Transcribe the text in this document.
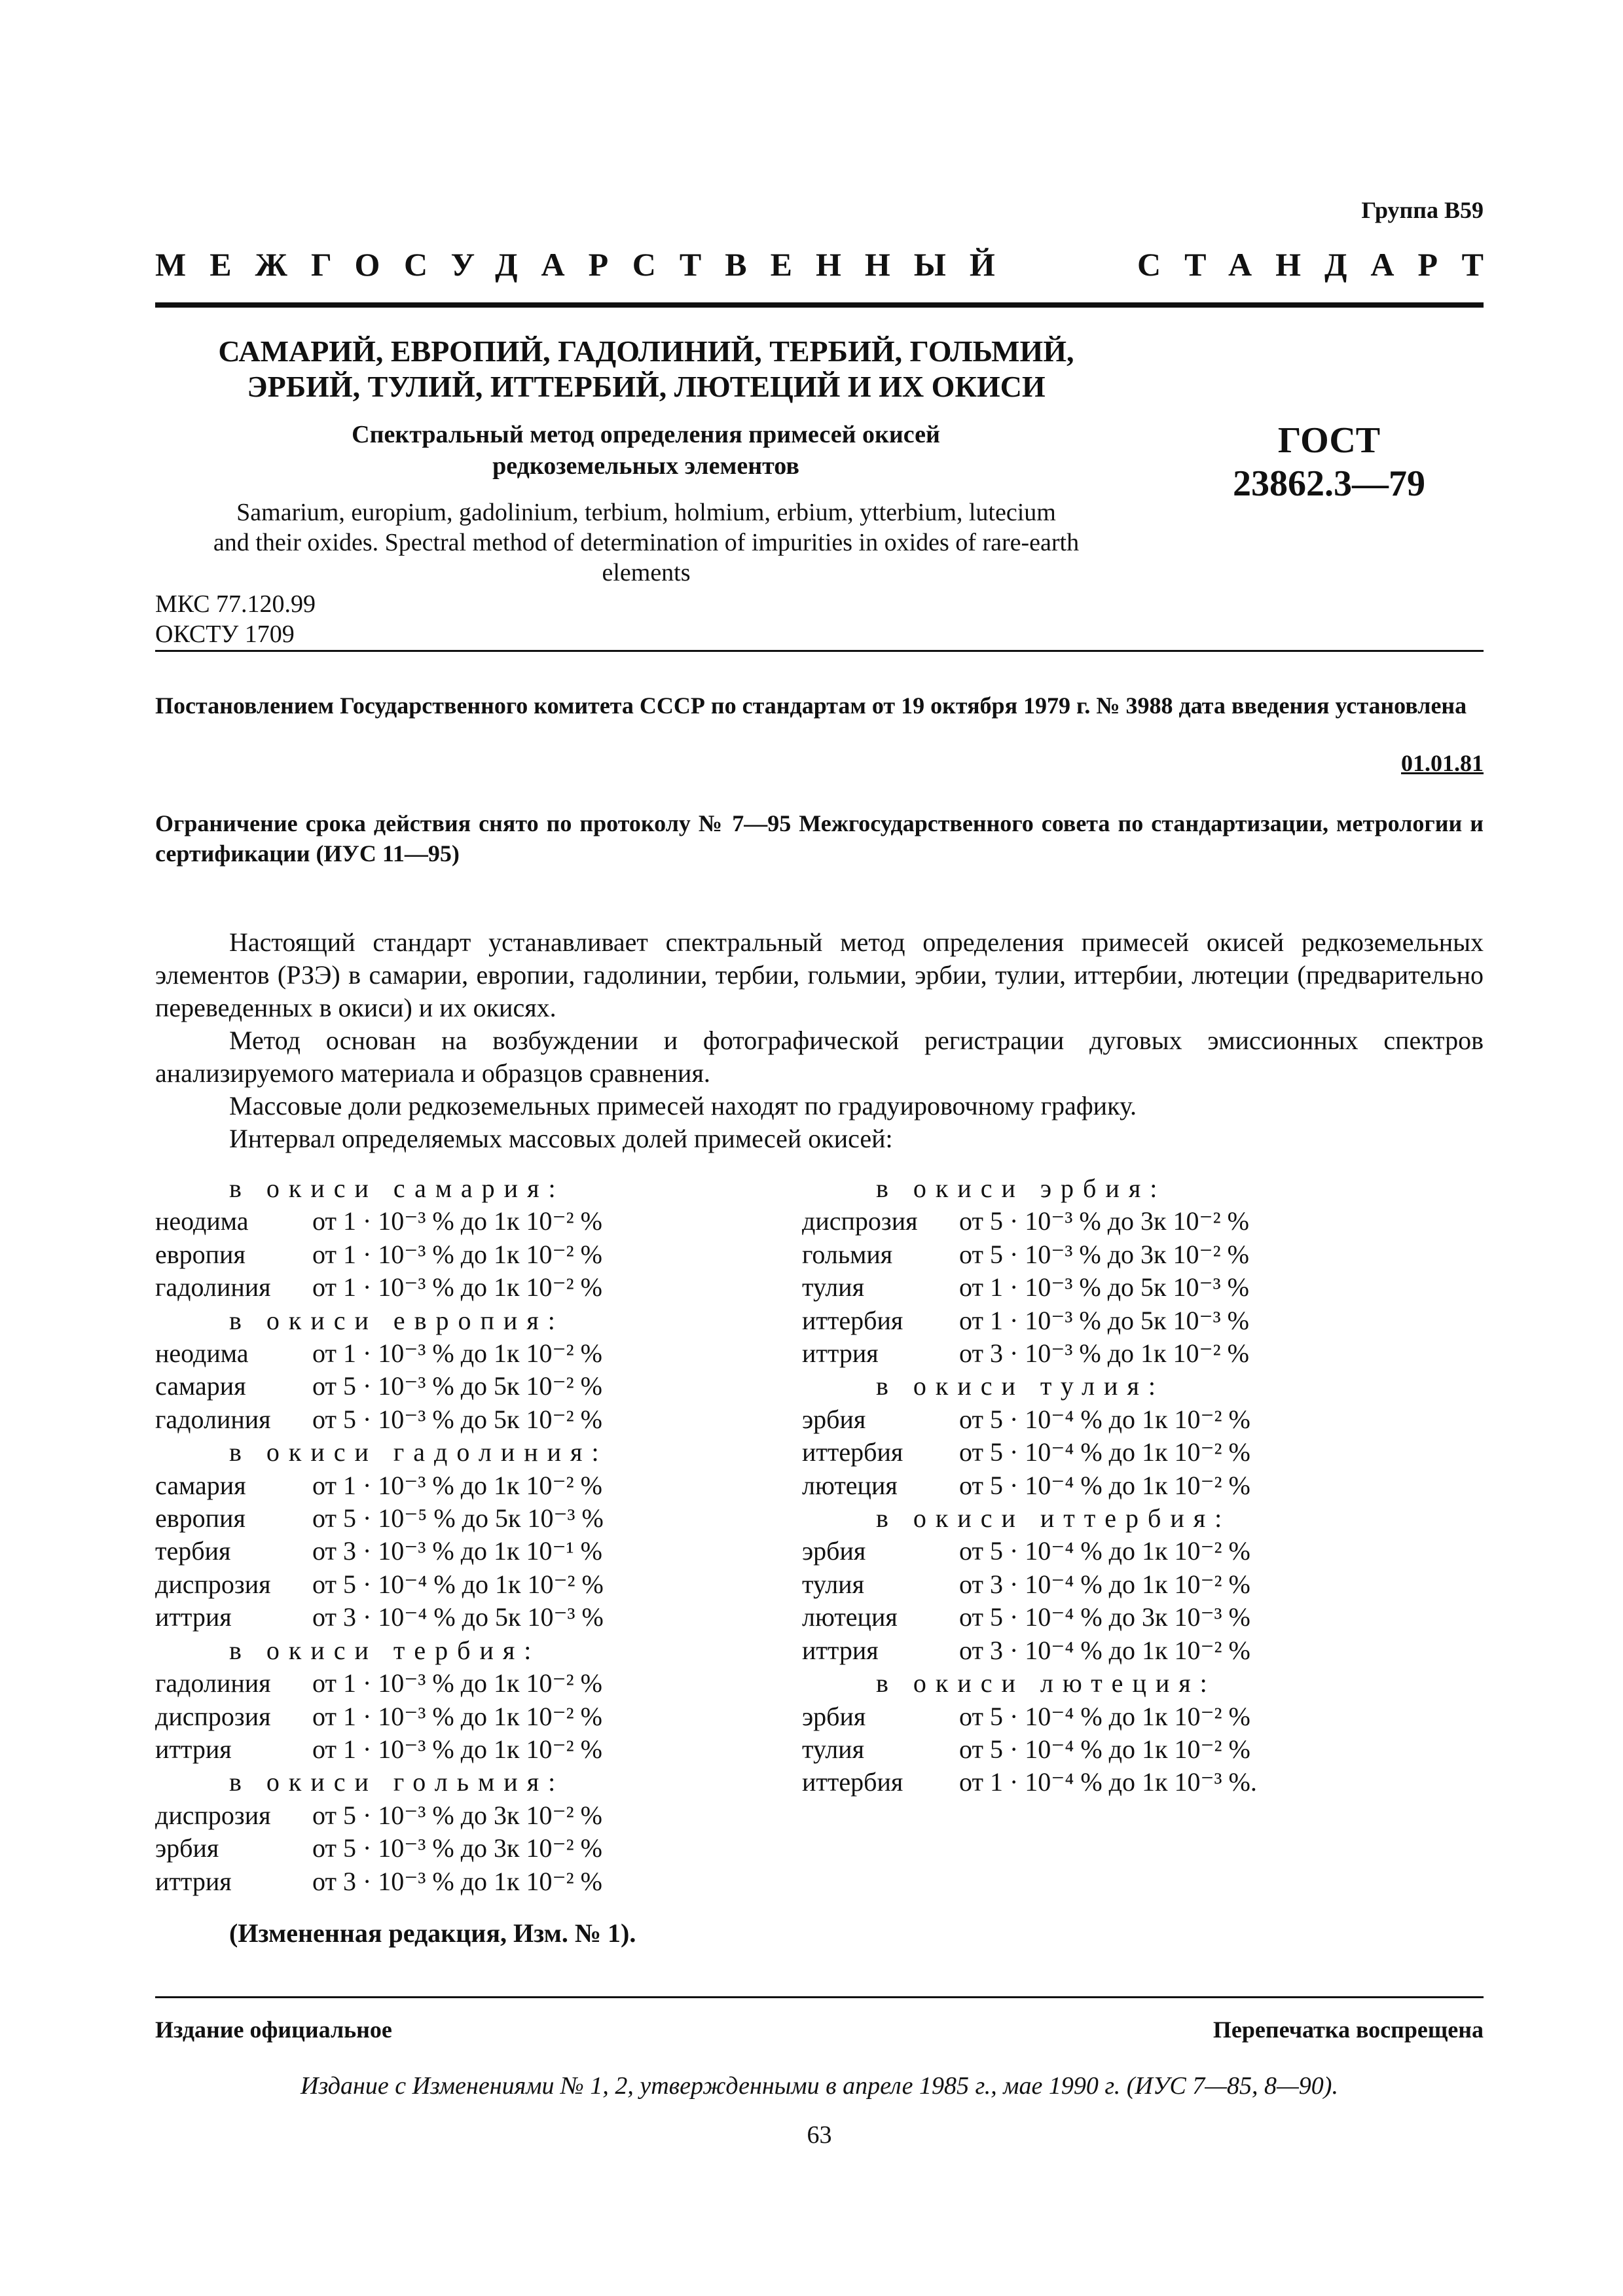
Группа В59
МЕЖГОСУДАРСТВЕННЫЙ	СТАНДАРТ
САМАРИЙ, ЕВРОПИЙ, ГАДОЛИНИЙ, ТЕРБИЙ, ГОЛЬМИЙ,
ЭРБИЙ, ТУЛИЙ, ИТТЕРБИЙ, ЛЮТЕЦИЙ И ИХ ОКИСИ
Спектральный метод определения примесей окисей
редкоземельных элементов
ГОСТ
23862.3—79
Samarium, europium, gadolinium, terbium, holmium, erbium, ytterbium, lutecium
and their oxides. Spectral method of determination of impurities in oxides of rare-earth
elements
МКС 77.120.99
ОКСТУ 1709
Постановлением Государственного комитета СССР по стандартам от 19 октября 1979 г. № 3988 дата введения установлена
01.01.81
Ограничение срока действия снято по протоколу № 7—95 Межгосударственного совета по стандартизации, метрологии и сертификации (ИУС 11—95)

Настоящий стандарт устанавливает спектральный метод определения примесей окисей редкоземельных элементов (РЗЭ) в самарии, европии, гадолинии, тербии, гольмии, эрбии, тулии, иттербии, лютеции (предварительно переведенных в окиси) и их окисях.

Метод основан на возбуждении и фотографической регистрации дуговых эмиссионных спектров анализируемого материала и образцов сравнения.

Массовые доли редкоземельных примесей находят по градуировочному графику.

Интервал определяемых массовых долей примесей окисей:

в окиси самария:
неодима	от 1 · 10⁻³ % до 1к 10⁻² %
европия	от 1 · 10⁻³ % до 1к 10⁻² %
гадолиния	от 1 · 10⁻³ % до 1к 10⁻² %
в окиси европия:
неодима	от 1 · 10⁻³ % до 1к 10⁻² %
самария	от 5 · 10⁻³ % до 5к 10⁻² %
гадолиния	от 5 · 10⁻³ % до 5к 10⁻² %
в окиси гадолиния:
самария	от 1 · 10⁻³ % до 1к 10⁻² %
европия	от 5 · 10⁻⁵ % до 5к 10⁻³ %
тербия	от 3 · 10⁻³ % до 1к 10⁻¹ %
диспрозия	от 5 · 10⁻⁴ % до 1к 10⁻² %
иттрия	от 3 · 10⁻⁴ % до 5к 10⁻³ %
в окиси тербия:
гадолиния	от 1 · 10⁻³ % до 1к 10⁻² %
диспрозия	от 1 · 10⁻³ % до 1к 10⁻² %
иттрия	от 1 · 10⁻³ % до 1к 10⁻² %
в окиси гольмия:
диспрозия	от 5 · 10⁻³ % до 3к 10⁻² %
эрбия	от 5 · 10⁻³ % до 3к 10⁻² %
иттрия	от 3 · 10⁻³ % до 1к 10⁻² %
в окиси эрбия:
диспрозия	от 5 · 10⁻³ % до 3к 10⁻² %
гольмия	от 5 · 10⁻³ % до 3к 10⁻² %
тулия	от 1 · 10⁻³ % до 5к 10⁻³ %
иттербия	от 1 · 10⁻³ % до 5к 10⁻³ %
иттрия	от 3 · 10⁻³ % до 1к 10⁻² %
в окиси тулия:
эрбия	от 5 · 10⁻⁴ % до 1к 10⁻² %
иттербия	от 5 · 10⁻⁴ % до 1к 10⁻² %
лютеция	от 5 · 10⁻⁴ % до 1к 10⁻² %
в окиси иттербия:
эрбия	от 5 · 10⁻⁴ % до 1к 10⁻² %
тулия	от 3 · 10⁻⁴ % до 1к 10⁻² %
лютеция	от 5 · 10⁻⁴ % до 3к 10⁻³ %
иттрия	от 3 · 10⁻⁴ % до 1к 10⁻² %
в окиси лютеция:
эрбия	от 5 · 10⁻⁴ % до 1к 10⁻² %
тулия	от 5 · 10⁻⁴ % до 1к 10⁻² %
иттербия	от 1 · 10⁻⁴ % до 1к 10⁻³ %.
(Измененная редакция, Изм. № 1).
Издание официальное	Перепечатка воспрещена
Издание с Изменениями № 1, 2, утвержденными в апреле 1985 г., мае 1990 г. (ИУС 7—85, 8—90).
63
